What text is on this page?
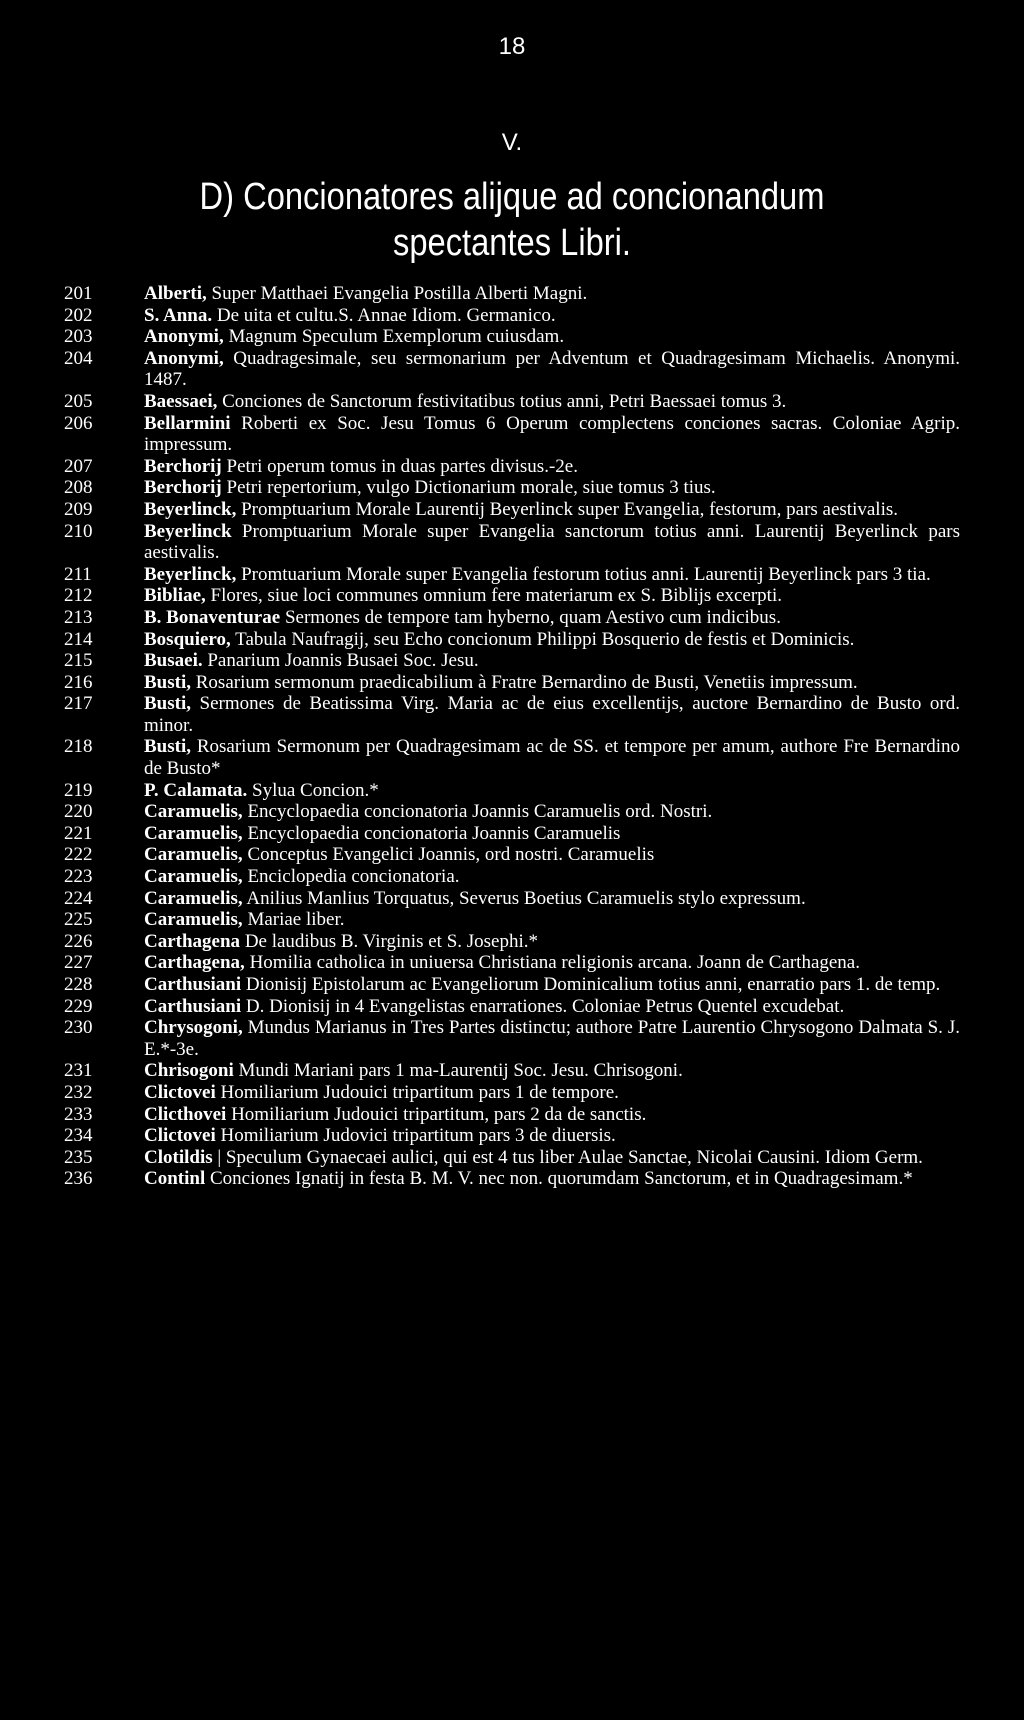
18
V.
D) Concionatores alijque ad concionandum
spectantes Libri.
201	Alberti, Super Matthaei Evangelia Postilla Alberti Magni.
202	S. Anna. De uita et cultu.S. Annae Idiom. Germanico.
203	Anonymi, Magnum Speculum Exemplorum cuiusdam.
204	Anonymi, Quadragesimale, seu sermonarium per Adventum et Quadragesimam Michaelis. Anonymi. 1487.
205	Baessaei, Conciones de Sanctorum festivitatibus totius anni, Petri Baessaei tomus 3.
206	Bellarmini Roberti ex Soc. Jesu Tomus 6 Operum complectens conciones sacras. Coloniae Agrip. impressum.
207	Berchorij Petri operum tomus in duas partes divisus.-2e.
208	Berchorij Petri repertorium, vulgo Dictionarium morale, siue tomus 3 tius.
209	Beyerlinck, Promptuarium Morale Laurentij Beyerlinck super Evangelia, festorum, pars aestivalis.
210	Beyerlinck Promptuarium Morale super Evangelia sanctorum totius anni. Laurentij Beyerlinck pars aestivalis.
211	Beyerlinck, Promtuarium Morale super Evangelia festorum totius anni. Laurentij Beyerlinck pars 3 tia.
212	Bibliae, Flores, siue loci communes omnium fere materiarum ex S. Biblijs excerpti.
213	B. Bonaventurae Sermones de tempore tam hyberno, quam Aestivo cum indicibus.
214	Bosquiero, Tabula Naufragij, seu Echo concionum Philippi Bosquerio de festis et Dominicis.
215	Busaei. Panarium Joannis Busaei Soc. Jesu.
216	Busti, Rosarium sermonum praedicabilium à Fratre Bernardino de Busti, Venetiis impressum.
217	Busti, Sermones de Beatissima Virg. Maria ac de eius excellentijs, auctore Bernardino de Busto ord. minor.
218	Busti, Rosarium Sermonum per Quadragesimam ac de SS. et tempore per amum, authore Fre Bernardino de Busto*
219	P. Calamata. Sylua Concion.*
220	Caramuelis, Encyclopaedia concionatoria Joannis Caramuelis ord. Nostri.
221	Caramuelis, Encyclopaedia concionatoria Joannis Caramuelis
222	Caramuelis, Conceptus Evangelici Joannis, ord nostri. Caramuelis
223	Caramuelis, Enciclopedia concionatoria.
224	Caramuelis, Anilius Manlius Torquatus, Severus Boetius Caramuelis stylo expressum.
225	Caramuelis, Mariae liber.
226	Carthagena De laudibus B. Virginis et S. Josephi.*
227	Carthagena, Homilia catholica in uniuersa Christiana religionis arcana. Joann de Carthagena.
228	Carthusiani Dionisij Epistolarum ac Evangeliorum Dominicalium totius anni, enarratio pars 1. de temp.
229	Carthusiani D. Dionisij in 4 Evangelistas enarrationes. Coloniae Petrus Quentel excudebat.
230	Chrysogoni, Mundus Marianus in Tres Partes distinctu; authore Patre Laurentio Chrysogono Dalmata S. J. E.*-3e.
231	Chrisogoni Mundi Mariani pars 1 ma-Laurentij Soc. Jesu. Chrisogoni.
232	Clictovei Homiliarium Judouici tripartitum pars 1 de tempore.
233	Clicthovei Homiliarium Judouici tripartitum, pars 2 da de sanctis.
234	Clictovei Homiliarium Judovici tripartitum pars 3 de diuersis.
235	Clotildis | Speculum Gynaecaei aulici, qui est 4 tus liber Aulae Sanctae, Nicolai Causini. Idiom Germ.
236	Continl Conciones Ignatij in festa B. M. V. nec non. quorumdam Sanctorum, et in Quadragesimam.*
